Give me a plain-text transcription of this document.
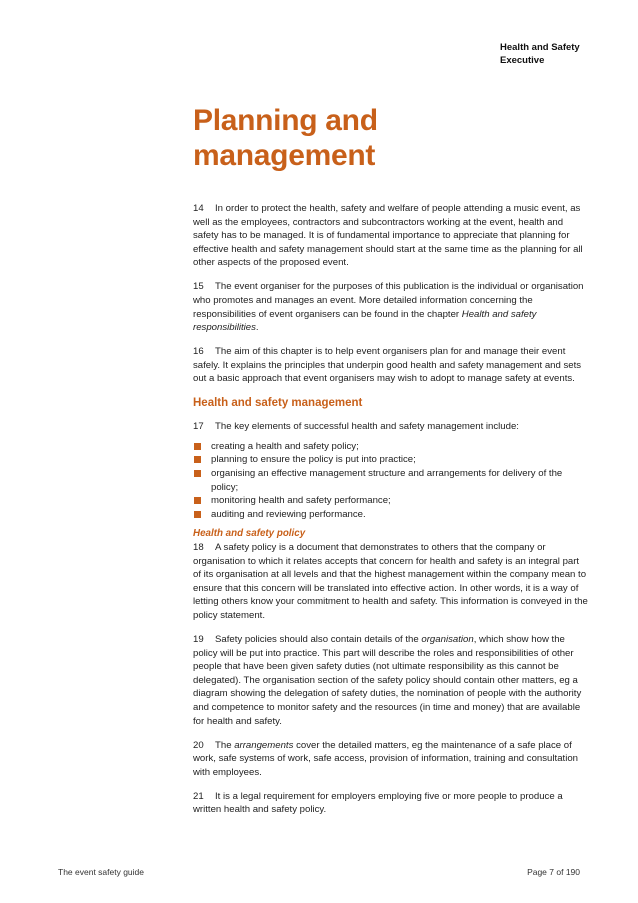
Health and Safety
Executive
Planning and
management

14 In order to protect the health, safety and welfare of people attending a music event, as well as the employees, contractors and subcontractors working at the event, health and safety has to be managed. It is of fundamental importance to appreciate that planning for effective health and safety management should start at the same time as the planning for all other aspects of the proposed event.

15 The event organiser for the purposes of this publication is the individual or organisation who promotes and manages an event. More detailed information concerning the responsibilities of event organisers can be found in the chapter Health and safety responsibilities.

16 The aim of this chapter is to help event organisers plan for and manage their event safely. It explains the principles that underpin good health and safety management and sets out a basic approach that event organisers may wish to adopt to manage safety at events.

Health and safety management

17 The key elements of successful health and safety management include:

creating a health and safety policy;
planning to ensure the policy is put into practice;
organising an effective management structure and arrangements for delivery of the policy;
monitoring health and safety performance;
auditing and reviewing performance.

Health and safety policy

18 A safety policy is a document that demonstrates to others that the company or organisation to which it relates accepts that concern for health and safety is an integral part of its organisation at all levels and that the highest management within the company mean to ensure that this concern will be translated into effective action. In other words, it is a way of letting others know your commitment to health and safety. This information is conveyed in the policy statement.

19 Safety policies should also contain details of the organisation, which show how the policy will be put into practice. This part will describe the roles and responsibilities of other people that have been given safety duties (not ultimate responsibility as this cannot be delegated). The organisation section of the safety policy should contain other matters, eg a diagram showing the delegation of safety duties, the nomination of people with the authority and competence to monitor safety and the resources (in time and money) that are available for health and safety.

20 The arrangements cover the detailed matters, eg the maintenance of a safe place of work, safe systems of work, safe access, provision of information, training and consultation with employees.

21 It is a legal requirement for employers employing five or more people to produce a written health and safety policy.

The event safety guide	Page 7 of 190
